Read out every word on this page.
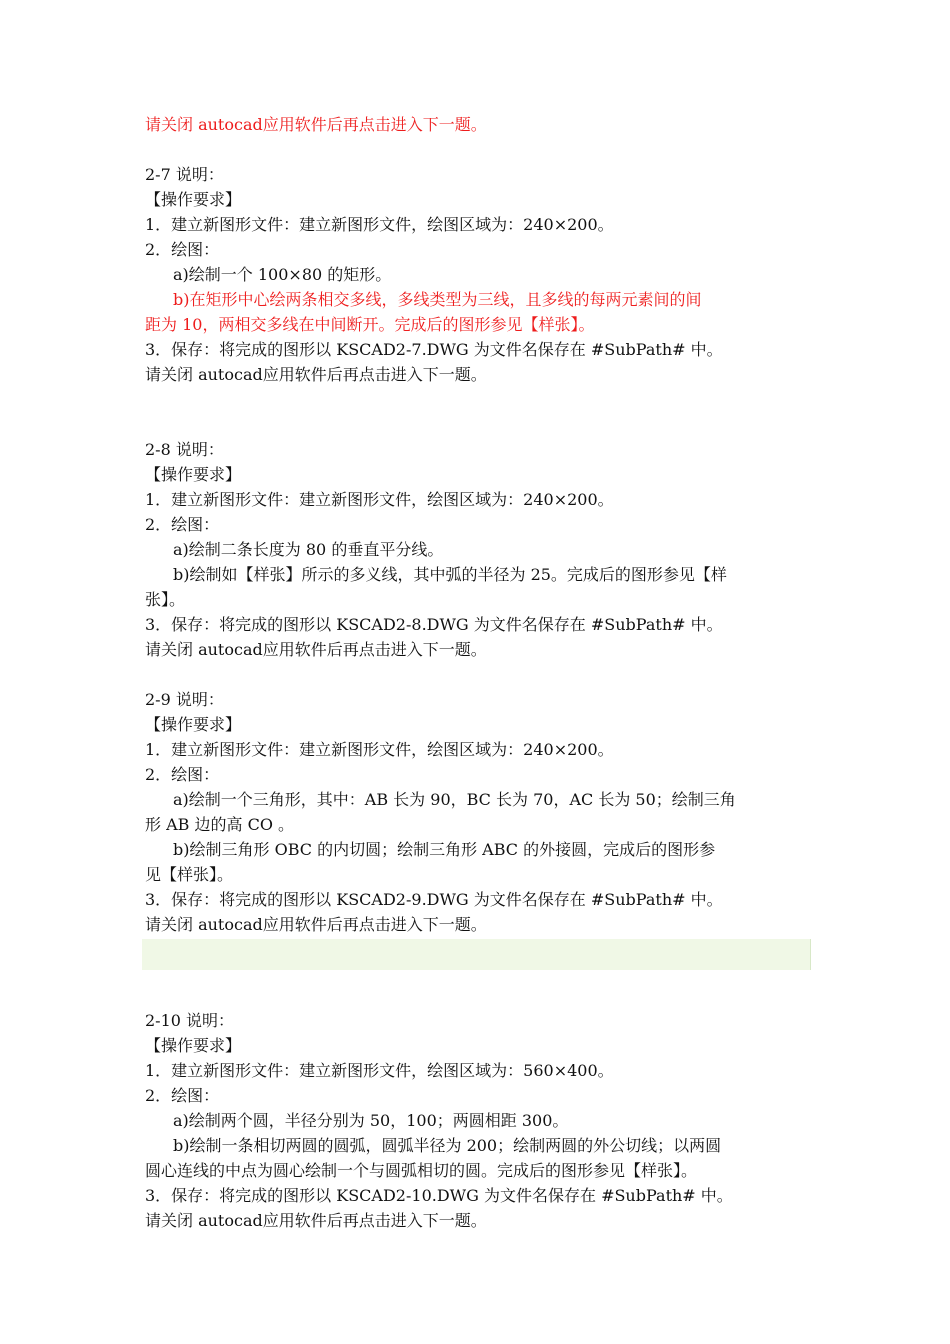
请关闭 autocad应用软件后再点击进入下一题。
2-7 说明：
【操作要求】
1．建立新图形文件：建立新图形文件，绘图区域为：240×200。
2．绘图：
a)绘制一个 100×80 的矩形。
b)在矩形中心绘两条相交多线，多线类型为三线，且多线的每两元素间的间
距为 10，两相交多线在中间断开。完成后的图形参见【样张】。
3．保存：将完成的图形以 KSCAD2-7.DWG 为文件名保存在 #SubPath# 中。
请关闭 autocad应用软件后再点击进入下一题。
2-8 说明：
【操作要求】
1．建立新图形文件：建立新图形文件，绘图区域为：240×200。
2．绘图：
a)绘制二条长度为 80 的垂直平分线。
b)绘制如【样张】所示的多义线，其中弧的半径为 25。完成后的图形参见【样
张】。
3．保存：将完成的图形以 KSCAD2-8.DWG 为文件名保存在 #SubPath# 中。
请关闭 autocad应用软件后再点击进入下一题。
2-9 说明：
【操作要求】
1．建立新图形文件：建立新图形文件，绘图区域为：240×200。
2．绘图：
a)绘制一个三角形，其中：AB 长为 90，BC 长为 70，AC 长为 50；绘制三角
形 AB 边的高 CO 。
b)绘制三角形 OBC 的内切圆；绘制三角形 ABC 的外接圆，完成后的图形参
见【样张】。
3．保存：将完成的图形以 KSCAD2-9.DWG 为文件名保存在 #SubPath# 中。
请关闭 autocad应用软件后再点击进入下一题。
2-10 说明：
【操作要求】
1．建立新图形文件：建立新图形文件，绘图区域为：560×400。
2．绘图：
a)绘制两个圆，半径分别为 50，100；两圆相距 300。
b)绘制一条相切两圆的圆弧，圆弧半径为 200；绘制两圆的外公切线；以两圆
圆心连线的中点为圆心绘制一个与圆弧相切的圆。完成后的图形参见【样张】。
3．保存：将完成的图形以 KSCAD2-10.DWG 为文件名保存在 #SubPath# 中。
请关闭 autocad应用软件后再点击进入下一题。
